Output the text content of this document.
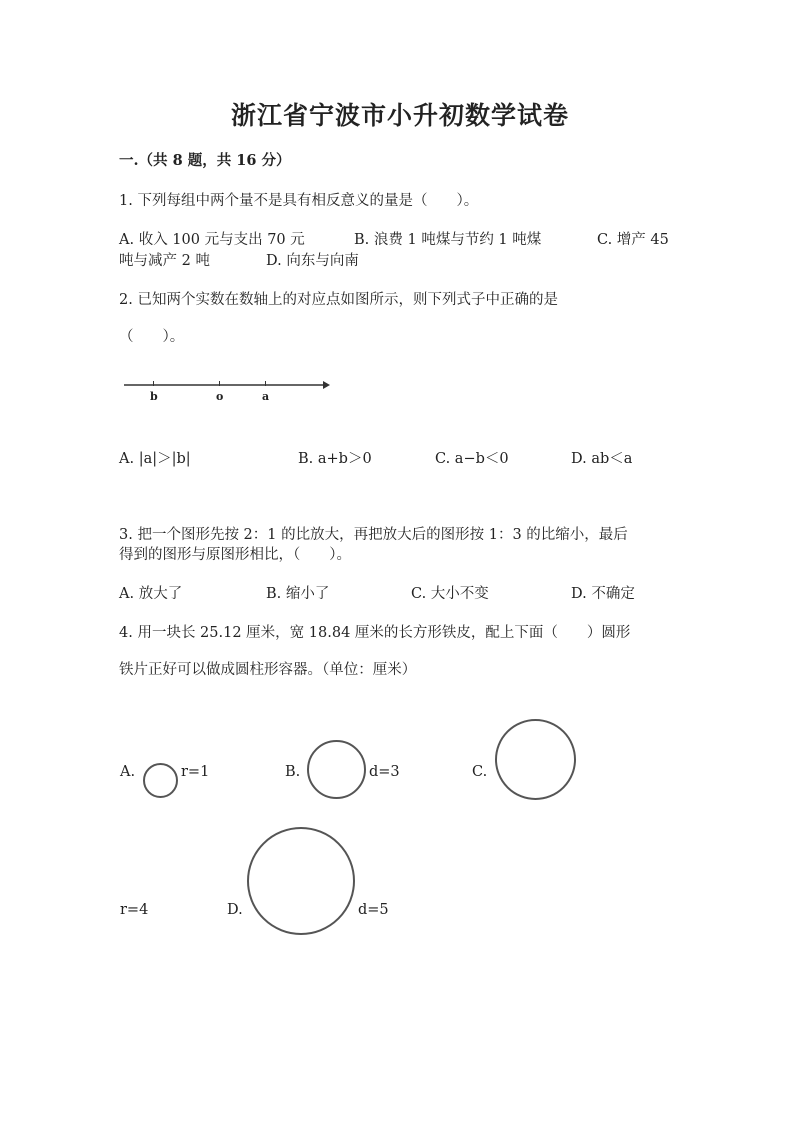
浙江省宁波市小升初数学试卷
一.（共 8 题，共 16 分）
1. 下列每组中两个量不是具有相反意义的量是（　　）。
A. 收入 100 元与支出 70 元	B. 浪费 1 吨煤与节约 1 吨煤	C. 增产 45
吨与减产 2 吨	D. 向东与向南
2. 已知两个实数在数轴上的对应点如图所示，则下列式子中正确的是
（　　）。
b	o	a
A. |a|＞|b|	B. a+b＞0	C. a−b＜0	D. ab＜a
3. 把一个图形先按 2：1 的比放大，再把放大后的图形按 1：3 的比缩小，最后
得到的图形与原图形相比，（　　）。
A. 放大了	B. 缩小了	C. 大小不变	D. 不确定
4. 用一块长 25.12 厘米，宽 18.84 厘米的长方形铁皮，配上下面（　　）圆形
铁片正好可以做成圆柱形容器。（单位：厘米）
A.	r=1	B.	d=3	C.
r=4	D.	d=5
